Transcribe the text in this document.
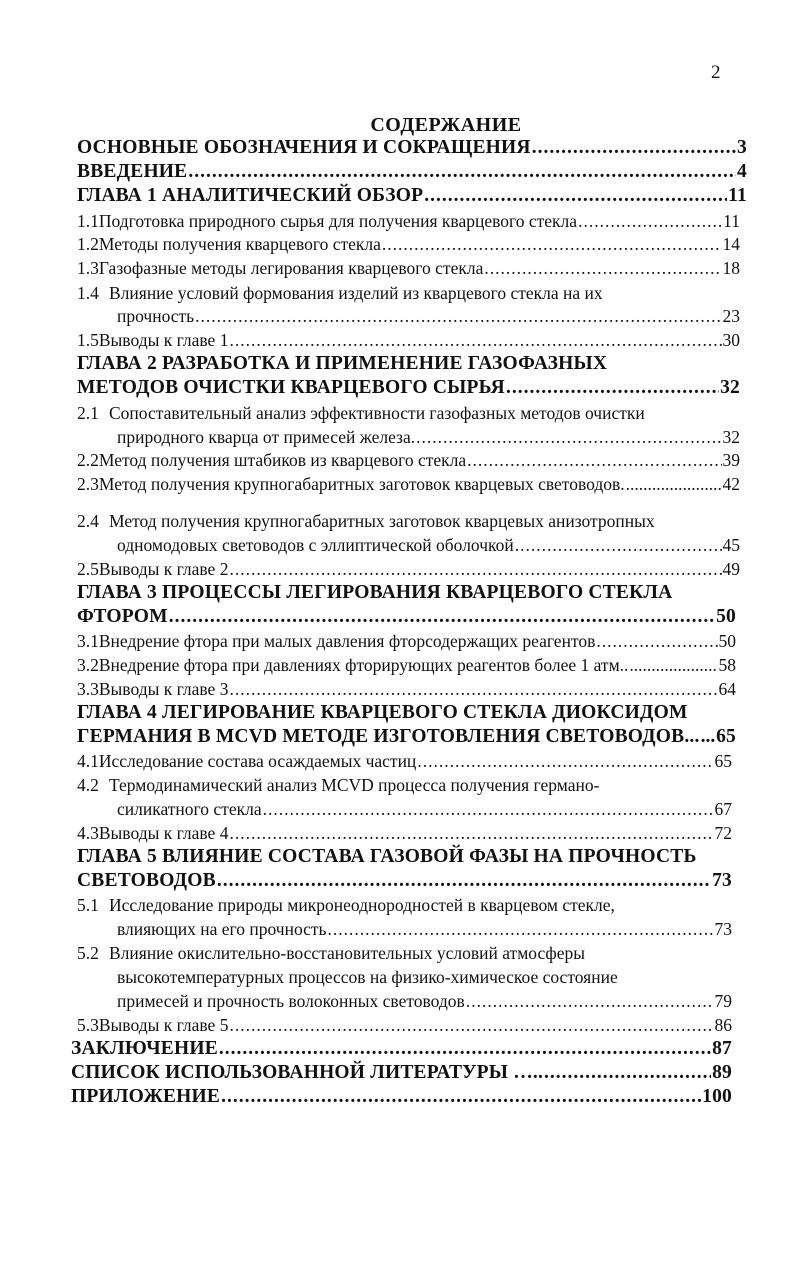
2
СОДЕРЖАНИЕ
ОСНОВНЫЕ ОБОЗНАЧЕНИЯ И СОКРАЩЕНИЯ .....	3
ВВЕДЕНИЕ .....	4
ГЛАВА 1 АНАЛИТИЧЕСКИЙ ОБЗОР .....	11
1.1 Подготовка природного сырья для получения кварцевого стекла .....	11
1.2 Методы получения кварцевого стекла .....	14
1.3 Газофазные методы легирования кварцевого стекла .....	18
1.4 Влияние условий формования изделий из кварцевого стекла на их
прочность .....	23
1.5 Выводы к главе 1 .....	30
ГЛАВА 2 РАЗРАБОТКА И ПРИМЕНЕНИЕ ГАЗОФАЗНЫХ
МЕТОДОВ ОЧИСТКИ КВАРЦЕВОГО СЫРЬЯ .....	32
2.1 Сопоставительный анализ эффективности газофазных методов очистки
природного кварца от примесей железа. .....	32
2.2 Метод получения штабиков из кварцевого стекла .....	39
2.3 Метод получения крупногабаритных заготовок кварцевых световодов. .....	42
2.4 Метод получения крупногабаритных заготовок кварцевых анизотропных
одномодовых световодов с эллиптической оболочкой .....	45
2.5 Выводы к главе 2 .....	49
ГЛАВА 3 ПРОЦЕССЫ ЛЕГИРОВАНИЯ КВАРЦЕВОГО СТЕКЛА
ФТОРОМ .....	50
3.1 Внедрение фтора при малых давления фторсодержащих реагентов .....	50
3.2 Внедрение фтора при давлениях фторирующих реагентов более 1 атм.. .....	58
3.3 Выводы к главе 3 .....	64
ГЛАВА 4 ЛЕГИРОВАНИЕ КВАРЦЕВОГО СТЕКЛА ДИОКСИДОМ
ГЕРМАНИЯ В MCVD МЕТОДЕ ИЗГОТОВЛЕНИЯ СВЕТОВОДОВ... ..... 65
4.1 Исследование состава осаждаемых частиц .....	65
4.2 Термодинамический анализ MCVD процесса получения германо-
силикатного стекла .....	67
4.3 Выводы к главе 4 .....	72
ГЛАВА 5 ВЛИЯНИЕ СОСТАВА ГАЗОВОЙ ФАЗЫ НА ПРОЧНОСТЬ
СВЕТОВОДОВ .....	73
5.1 Исследование природы микронеоднородностей в кварцевом стекле,
влияющих на его прочность .....	73
5.2 Влияние окислительно-восстановительных условий атмосферы
высокотемпературных процессов на физико-химическое состояние
примесей и прочность волоконных световодов .....	79
5.3 Выводы к главе 5 .....	86
ЗАКЛЮЧЕНИЕ .....	87
СПИСОК ИСПОЛЬЗОВАННОЙ ЛИТЕРАТУРЫ ….. .....	89
ПРИЛОЖЕНИЕ .....	100
